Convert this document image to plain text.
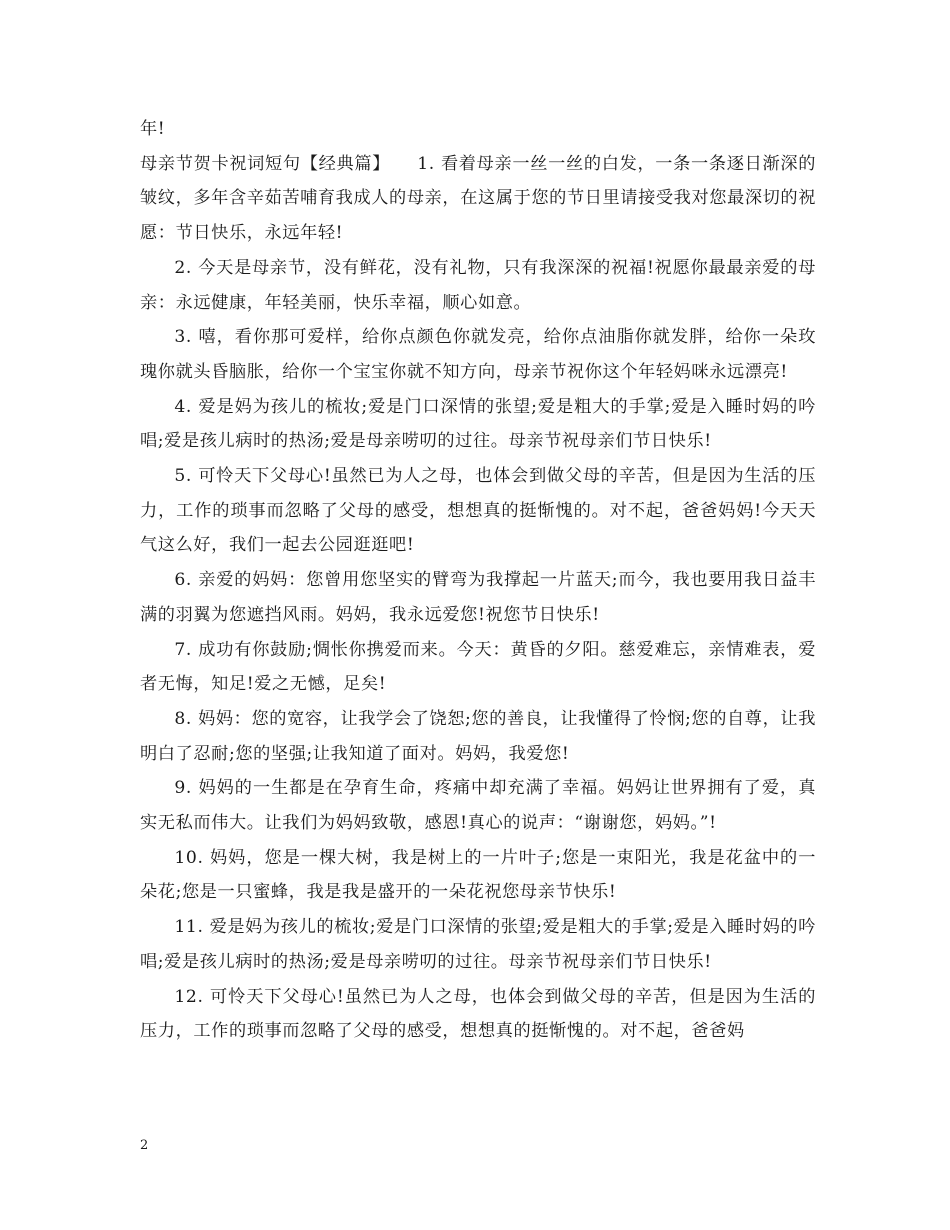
年!

母亲节贺卡祝词短句【经典篇】　　1. 看着母亲一丝一丝的白发，一条一条逐日渐深的皱纹，多年含辛茹苦哺育我成人的母亲，在这属于您的节日里请接受我对您最深切的祝愿：节日快乐，永远年轻!

2. 今天是母亲节，没有鲜花，没有礼物，只有我深深的祝福!祝愿你最最亲爱的母亲：永远健康，年轻美丽，快乐幸福，顺心如意。

3. 嘻，看你那可爱样，给你点颜色你就发亮，给你点油脂你就发胖，给你一朵玫瑰你就头昏脑胀，给你一个宝宝你就不知方向，母亲节祝你这个年轻妈咪永远漂亮!

4. 爱是妈为孩儿的梳妆;爱是门口深情的张望;爱是粗大的手掌;爱是入睡时妈的吟唱;爱是孩儿病时的热汤;爱是母亲唠叨的过往。母亲节祝母亲们节日快乐!

5. 可怜天下父母心!虽然已为人之母，也体会到做父母的辛苦，但是因为生活的压力，工作的琐事而忽略了父母的感受，想想真的挺惭愧的。对不起，爸爸妈妈!今天天气这么好，我们一起去公园逛逛吧!

6. 亲爱的妈妈：您曾用您坚实的臂弯为我撑起一片蓝天;而今，我也要用我日益丰满的羽翼为您遮挡风雨。妈妈，我永远爱您!祝您节日快乐!

7. 成功有你鼓励;惆怅你携爱而来。今天：黄昏的夕阳。慈爱难忘，亲情难表，爱者无悔，知足!爱之无憾，足矣!

8. 妈妈：您的宽容，让我学会了饶恕;您的善良，让我懂得了怜悯;您的自尊，让我明白了忍耐;您的坚强;让我知道了面对。妈妈，我爱您!

9. 妈妈的一生都是在孕育生命，疼痛中却充满了幸福。妈妈让世界拥有了爱，真实无私而伟大。让我们为妈妈致敬，感恩!真心的说声：“谢谢您，妈妈。”!

10. 妈妈，您是一棵大树，我是树上的一片叶子;您是一束阳光，我是花盆中的一朵花;您是一只蜜蜂，我是我是盛开的一朵花祝您母亲节快乐!

11. 爱是妈为孩儿的梳妆;爱是门口深情的张望;爱是粗大的手掌;爱是入睡时妈的吟唱;爱是孩儿病时的热汤;爱是母亲唠叨的过往。母亲节祝母亲们节日快乐!

12. 可怜天下父母心!虽然已为人之母，也体会到做父母的辛苦，但是因为生活的压力，工作的琐事而忽略了父母的感受，想想真的挺惭愧的。对不起，爸爸妈

2
